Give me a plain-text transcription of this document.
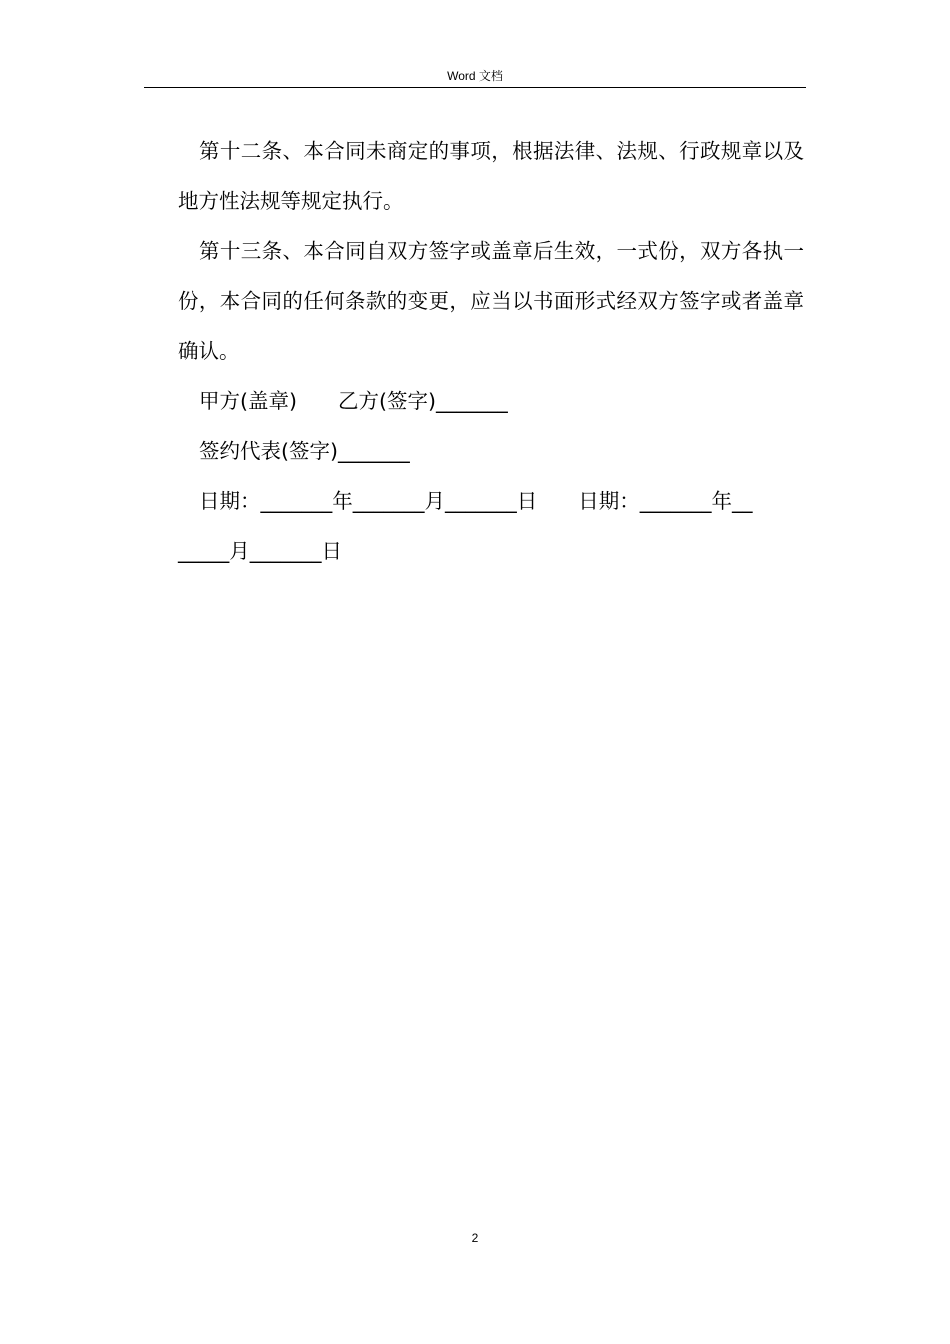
Word 文档

第十二条、本合同未商定的事项，根据法律、法规、行政规章以及地方性法规等规定执行。

第十三条、本合同自双方签字或盖章后生效，一式份，双方各执一份，本合同的任何条款的变更，应当以书面形式经双方签字或者盖章确认。

甲方(盖章)　　乙方(签字)_______

签约代表(签字)_______

日期：_______年_______月_______日　　日期：_______年__

_____月_______日

2
